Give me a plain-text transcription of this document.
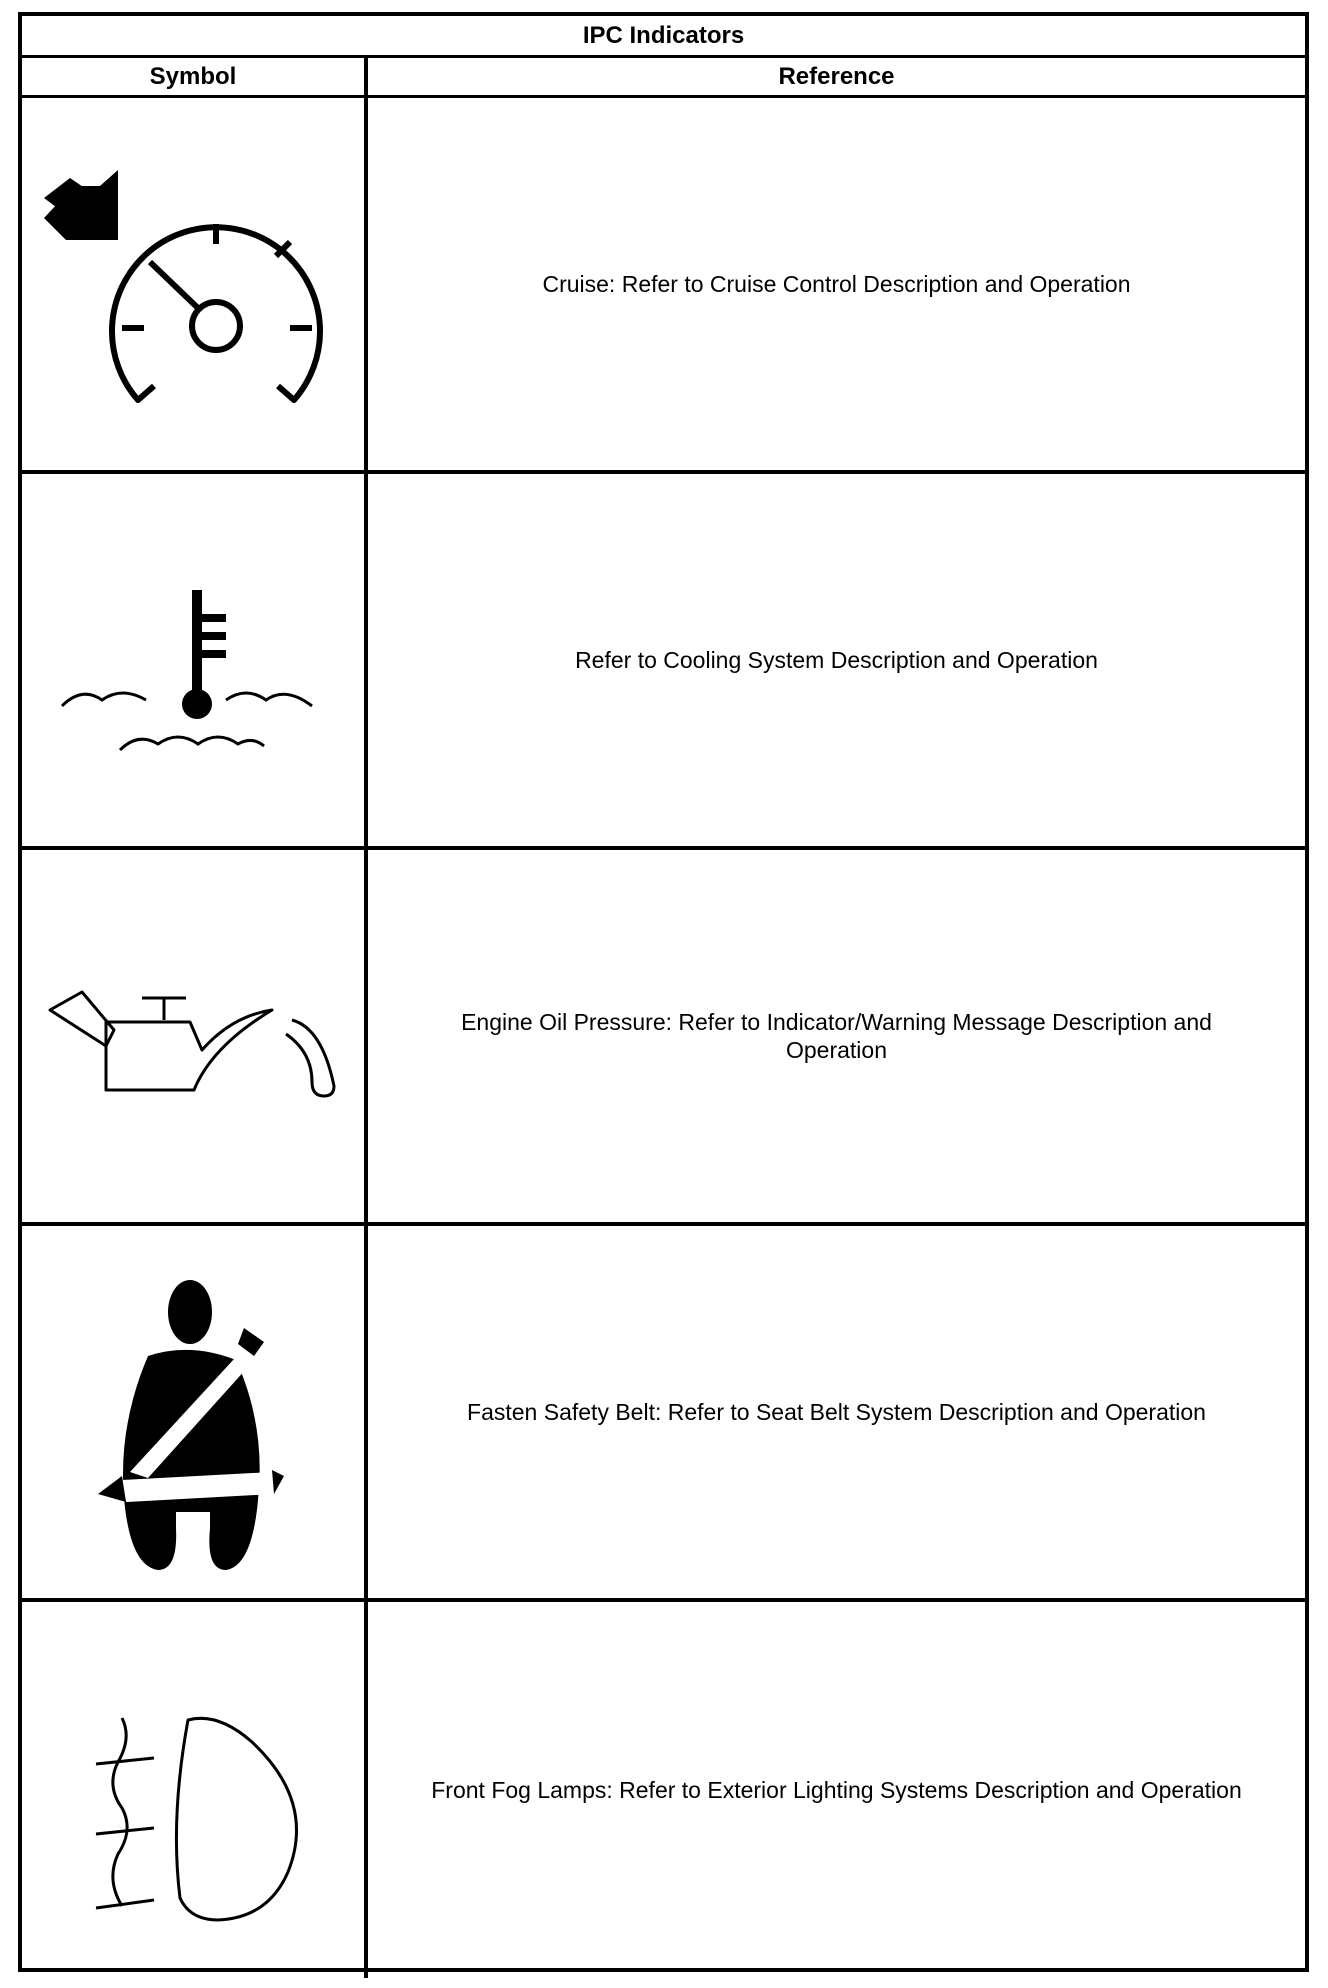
IPC Indicators
Symbol	Reference
Cruise: Refer to Cruise Control Description and Operation
Refer to Cooling System Description and Operation
Engine Oil Pressure: Refer to Indicator/Warning Message Description and Operation
Fasten Safety Belt: Refer to Seat Belt System Description and Operation
Front Fog Lamps: Refer to Exterior Lighting Systems Description and Operation
